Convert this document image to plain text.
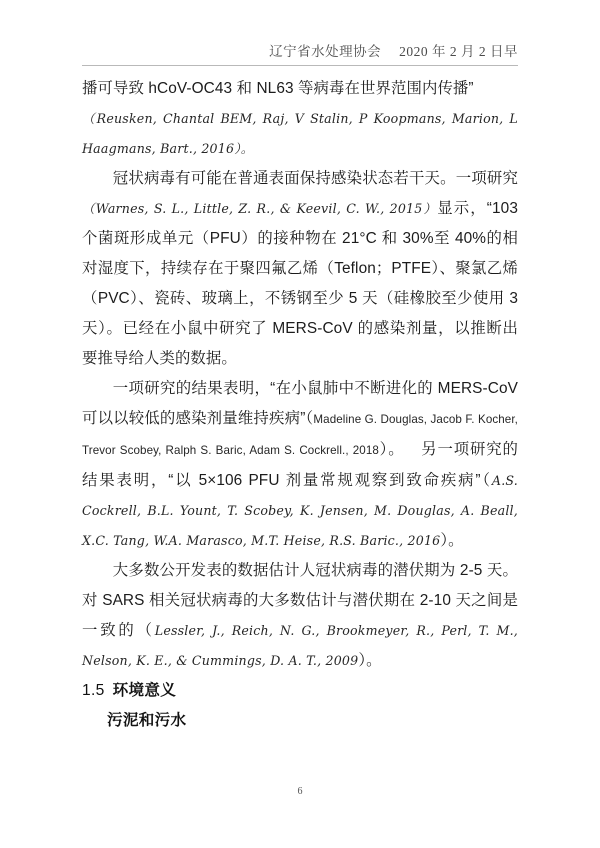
辽宁省水处理协会 2020 年 2 月 2 日早

播可导致 hCoV-OC43 和 NL63 等病毒在世界范围内传播”
（Reusken, Chantal BEM, Raj, V Stalin, P Koopmans, Marion, L Haagmans, Bart., 2016）。

冠状病毒有可能在普通表面保持感染状态若干天。一项研究（Warnes, S. L., Little, Z. R., & Keevil, C. W., 2015）显示，“103 个菌斑形成单元（PFU）的接种物在 21°C 和 30%至 40%的相对湿度下，持续存在于聚四氟乙烯（Teflon；PTFE）、聚氯乙烯（PVC）、瓷砖、玻璃上，不锈钢至少 5 天（硅橡胶至少使用 3 天）。已经在小鼠中研究了 MERS-CoV 的感染剂量，以推断出要推导给人类的数据。

一项研究的结果表明，“在小鼠肺中不断进化的 MERS-CoV 可以以较低的感染剂量维持疾病”（Madeline G. Douglas, Jacob F. Kocher, Trevor Scobey, Ralph S. Baric, Adam S. Cockrell., 2018）。 另一项研究的结果表明，“以 5×106 PFU 剂量常规观察到致命疾病”（A.S. Cockrell, B.L. Yount, T. Scobey, K. Jensen, M. Douglas, A. Beall, X.C. Tang, W.A. Marasco, M.T. Heise, R.S. Baric., 2016）。

大多数公开发表的数据估计人冠状病毒的潜伏期为 2-5 天。对 SARS 相关冠状病毒的大多数估计与潜伏期在 2-10 天之间是一致的（Lessler, J., Reich, N. G., Brookmeyer, R., Perl, T. M., Nelson, K. E., & Cummings, D. A. T., 2009）。

1.5 环境意义
污泥和污水
6
